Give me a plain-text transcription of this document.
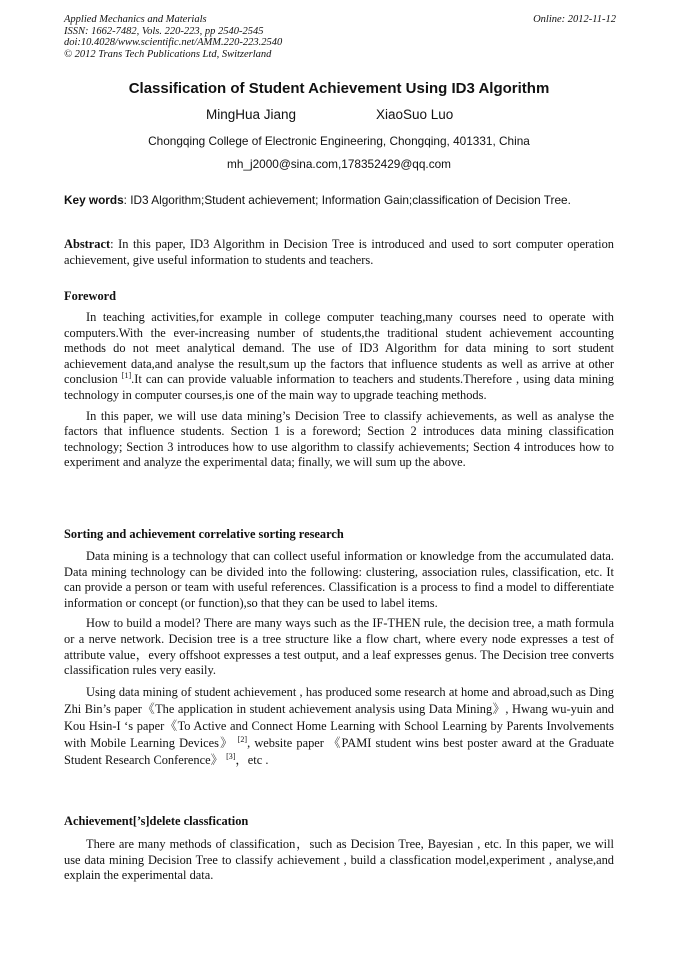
Applied Mechanics and Materials
ISSN: 1662-7482, Vols. 220-223, pp 2540-2545
doi:10.4028/www.scientific.net/AMM.220-223.2540
© 2012 Trans Tech Publications Ltd, Switzerland
Online: 2012-11-12
Classification of Student Achievement Using ID3 Algorithm
MingHua Jiang	XiaoSuo Luo
Chongqing College of Electronic Engineering, Chongqing, 401331, China
mh_j2000@sina.com,178352429@qq.com
Key words: ID3 Algorithm;Student achievement; Information Gain;classification of Decision Tree.

Abstract: In this paper, ID3 Algorithm in Decision Tree is introduced and used to sort computer operation achievement, give useful information to students and teachers.

Foreword

In teaching activities,for example in college computer teaching,many courses need to operate with computers.With the ever-increasing number of students,the traditional student achievement accounting methods do not meet analytical demand. The use of ID3 Algorithm for data mining to sort student achievement data,and analyse the result,sum up the factors that influence students as well as arrive at other conclusion [1].It can can provide valuable information to teachers and students.Therefore , using data mining technology in computer courses,is one of the main way to upgrade teaching methods.

In this paper, we will use data mining’s Decision Tree to classify achievements, as well as analyse the factors that influence students. Section 1 is a foreword; Section 2 introduces data mining classification technology; Section 3 introduces how to use algorithm to classify achievements; Section 4 introduces how to experiment and analyze the experimental data; finally, we will sum up the above.

Sorting and achievement correlative sorting research

Data mining is a technology that can collect useful information or knowledge from the accumulated data. Data mining technology can be divided into the following: clustering, association rules, classification, etc. It can provide a person or team with useful references. Classification is a process to find a model to differentiate information or concept (or function),so that they can be used to label items.

How to build a model? There are many ways such as the IF-THEN rule, the decision tree, a math formula or a nerve network. Decision tree is a tree structure like a flow chart, where every node expresses a test of attribute value，every offshoot expresses a test output, and a leaf expresses genus. The Decision tree converts classification rules very easily.

Using data mining of student achievement , has produced some research at home and abroad,such as Ding Zhi Bin’s paper《The application in student achievement analysis using Data Mining》, Hwang wu-yuin and Kou Hsin-I ‘s paper《To Active and Connect Home Learning with School Learning by Parents Involvements with Mobile Learning Devices》 [2], website paper 《PAMI student wins best poster award at the Graduate Student Research Conference》 [3]，etc .

Achievement[’s]delete classfication

There are many methods of classification，such as Decision Tree, Bayesian , etc. In this paper, we will use data mining Decision Tree to classify achievement , build a classfication model,experiment , analyse,and explain the experimental data.
